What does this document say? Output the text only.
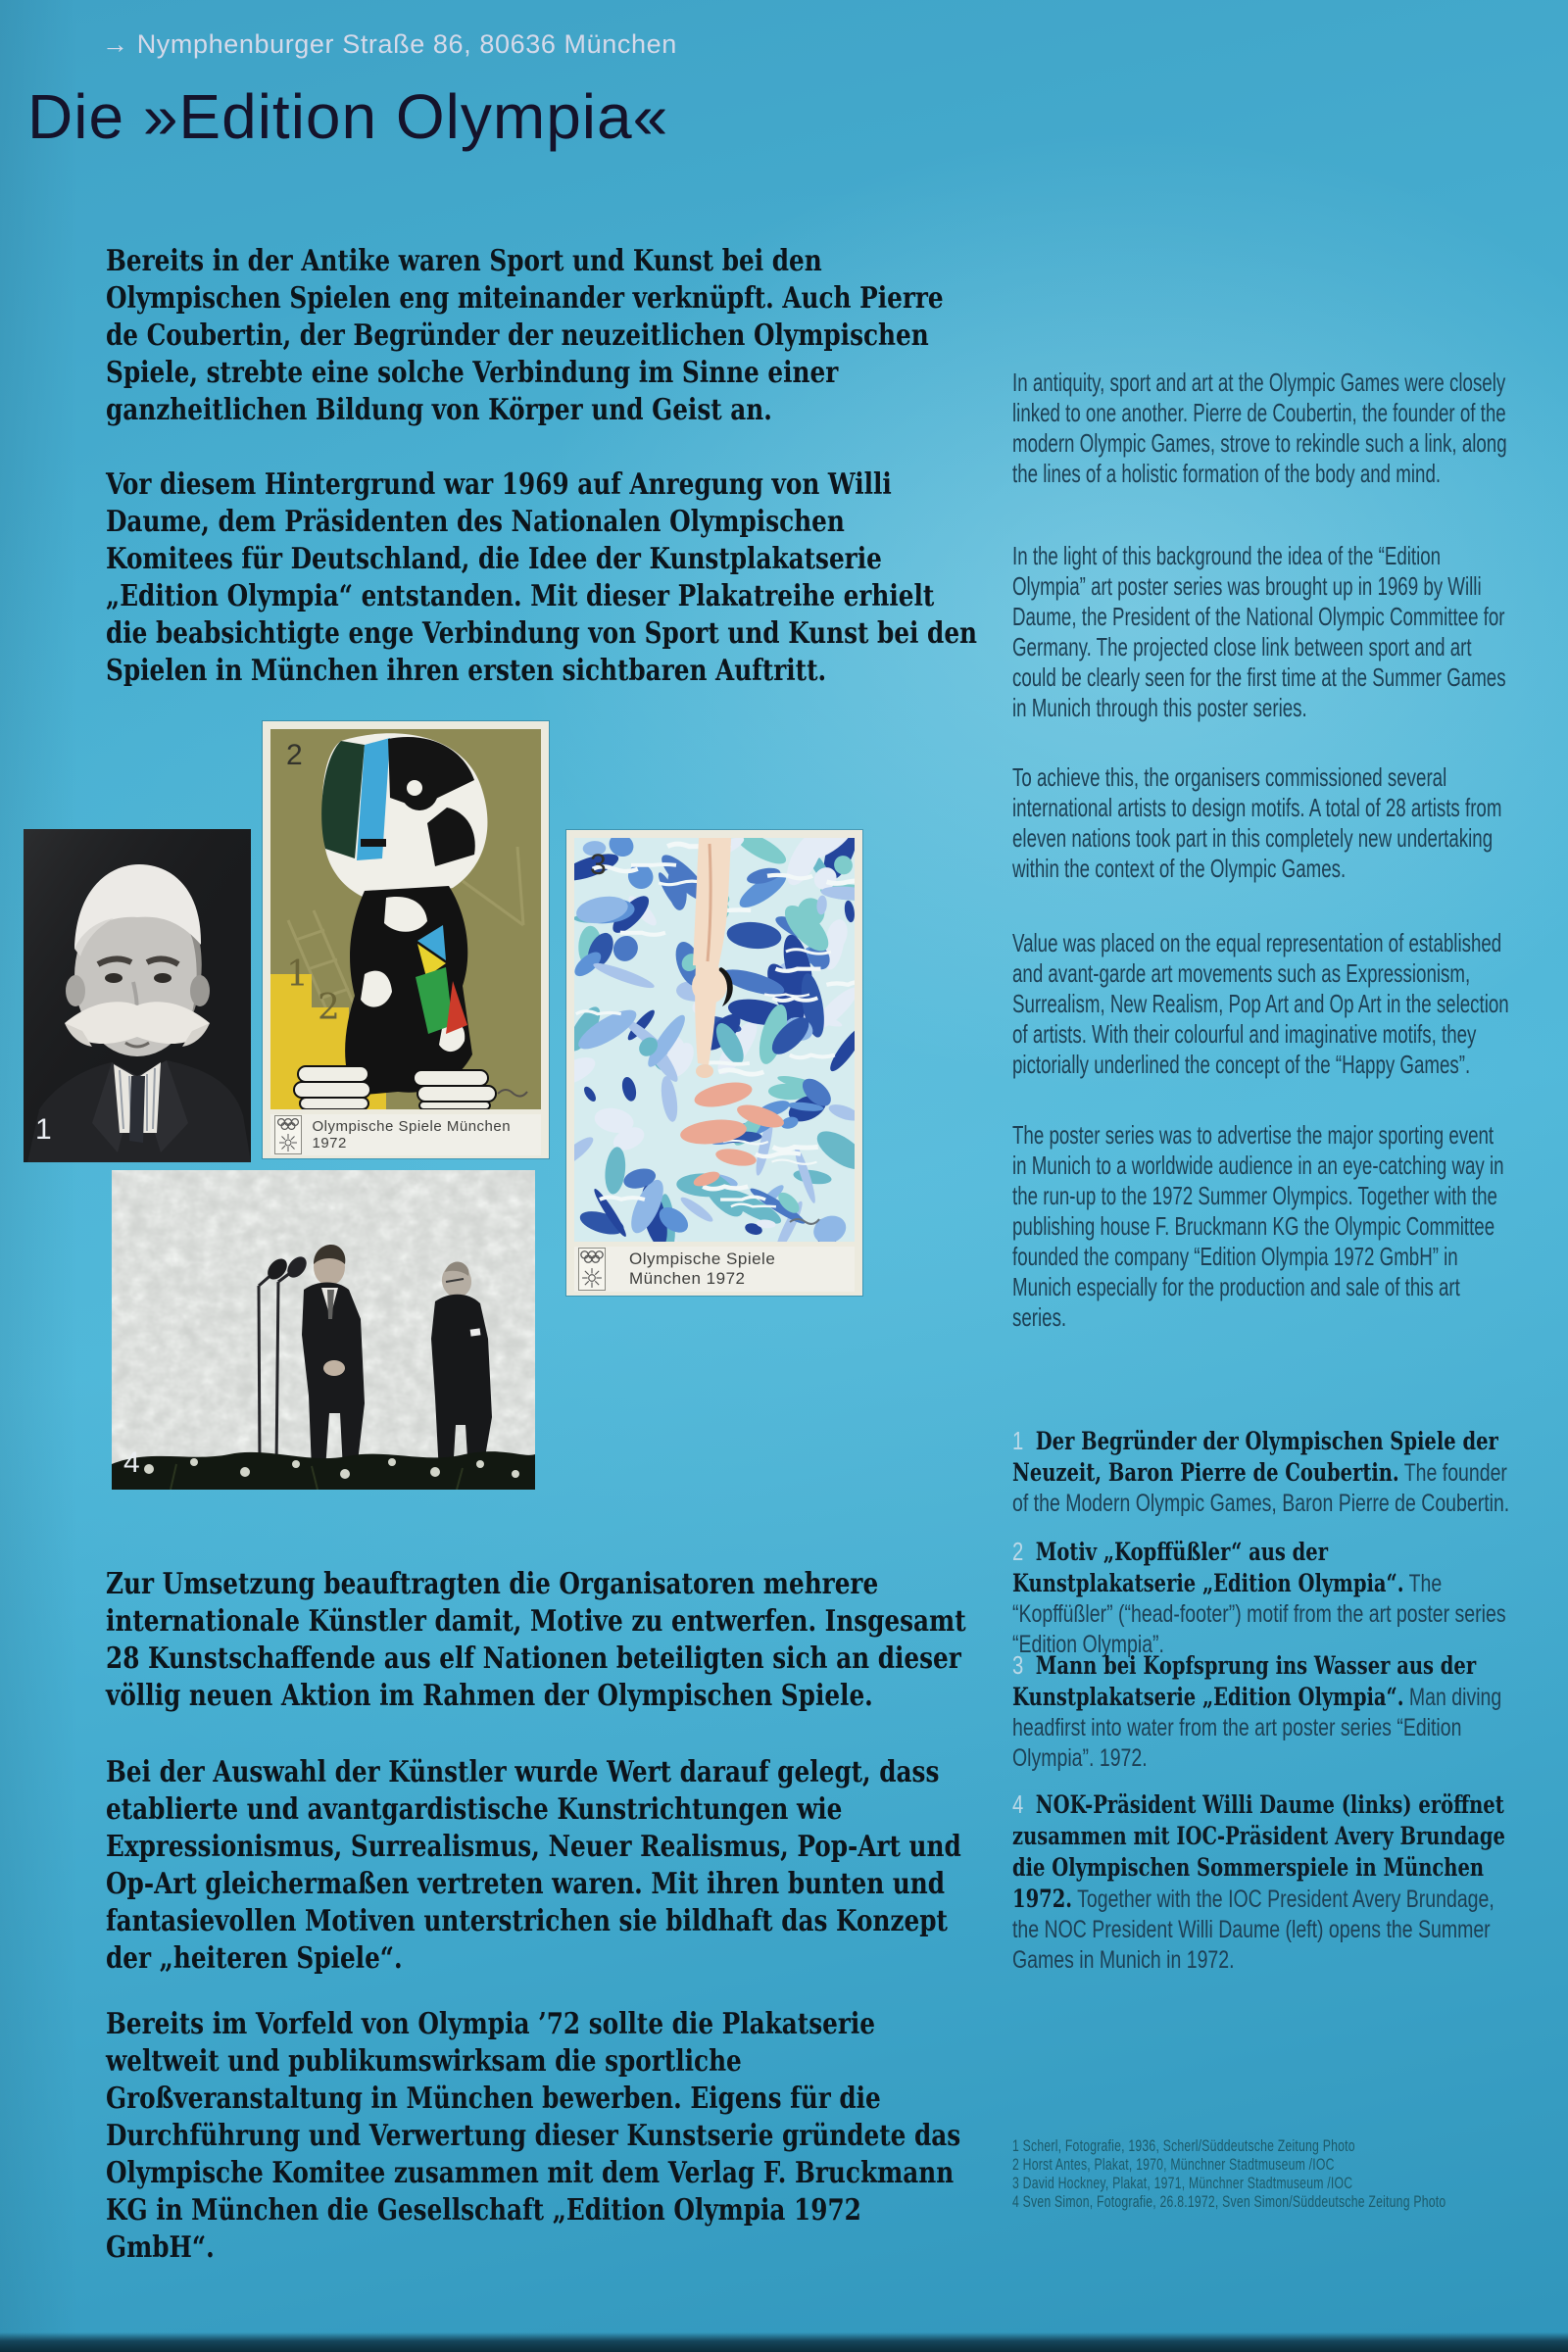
→ Nymphenburger Straße 86, 80636 München
Die »Edition Olympia«
Bereits in der Antike waren Sport und Kunst bei den Olympischen Spielen eng miteinander verknüpft. Auch Pierre de Coubertin, der Begründer der neuzeitlichen Olympischen Spiele, strebte eine solche Verbindung im Sinne einer ganzheitlichen Bildung von Körper und Geist an.
Vor diesem Hintergrund war 1969 auf Anregung von Willi Daume, dem Präsidenten des Nationalen Olympischen Komitees für Deutschland, die Idee der Kunstplakatserie „Edition Olympia“ entstanden. Mit dieser Plakatreihe erhielt die beabsichtigte enge Verbindung von Sport und Kunst bei den Spielen in München ihren ersten sichtbaren Auftritt.
Zur Umsetzung beauftragten die Organisatoren mehrere internationale Künstler damit, Motive zu entwerfen. Insgesamt 28 Kunstschaffende aus elf Nationen beteiligten sich an dieser völlig neuen Aktion im Rahmen der Olympischen Spiele.
Bei der Auswahl der Künstler wurde Wert darauf gelegt, dass etablierte und avantgardistische Kunstrichtungen wie Expressionismus, Surrealismus, Neuer Realismus, Pop-Art und Op-Art gleichermaßen vertreten waren. Mit ihren bunten und fantasievollen Motiven unterstrichen sie bildhaft das Konzept der „heiteren Spiele“.
Bereits im Vorfeld von Olympia ’72 sollte die Plakatserie weltweit und publikumswirksam die sportliche Großveranstaltung in München bewerben. Eigens für die Durchführung und Verwertung dieser Kunstserie gründete das Olympische Komitee zusammen mit dem Verlag F. Bruckmann KG in München die Gesellschaft „Edition Olympia 1972 GmbH“.
In antiquity, sport and art at the Olympic Games were closely linked to one another. Pierre de Coubertin, the founder of the modern Olympic Games, strove to rekindle such a link, along the lines of a holistic formation of the body and mind.
In the light of this background the idea of the “Edition Olympia” art poster series was brought up in 1969 by Willi Daume, the President of the National Olympic Committee for Germany. The projected close link between sport and art could be clearly seen for the first time at the Summer Games in Munich through this poster series.
To achieve this, the organisers commissioned several international artists to design motifs. A total of 28 artists from eleven nations took part in this completely new undertaking within the context of the Olympic Games.
Value was placed on the equal representation of established and avant-garde art movements such as Expressionism, Surrealism, New Realism, Pop Art and Op Art in the selection of artists. With their colourful and imaginative motifs, they pictorially underlined the concept of the “Happy Games”.
The poster series was to advertise the major sporting event in Munich to a worldwide audience in an eye-catching way in the run-up to the 1972 Summer Olympics. Together with the publishing house F. Bruckmann KG the Olympic Committee founded the company “Edition Olympia 1972 GmbH” in Munich especially for the production and sale of this art series.
1
2
Olympische Spiele München 1972
2
1
Olympische Spiele München 1972
3
4
1 Der Begründer der Olympischen Spiele der Neuzeit, Baron Pierre de Coubertin. The founder of the Modern Olympic Games, Baron Pierre de Coubertin.
2 Motiv „Kopffüßler“ aus der Kunstplakatserie „Edition Olympia“. The “Kopffüßler” (“head-footer”) motif from the art poster series “Edition Olympia”.
3 Mann bei Kopfsprung ins Wasser aus der Kunstplakatserie „Edition Olympia“. Man diving headfirst into water from the art poster series “Edition Olympia”. 1972.
4 NOK-Präsident Willi Daume (links) eröffnet zusammen mit IOC-Präsident Avery Brundage die Olympischen Sommerspiele in München 1972. Together with the IOC President Avery Brundage, the NOC President Willi Daume (left) opens the Summer Games in Munich in 1972.
1 Scherl, Fotografie, 1936, Scherl/Süddeutsche Zeitung Photo
2 Horst Antes, Plakat, 1970, Münchner Stadtmuseum /IOC
3 David Hockney, Plakat, 1971, Münchner Stadtmuseum /IOC
4 Sven Simon, Fotografie, 26.8.1972, Sven Simon/Süddeutsche Zeitung Photo
